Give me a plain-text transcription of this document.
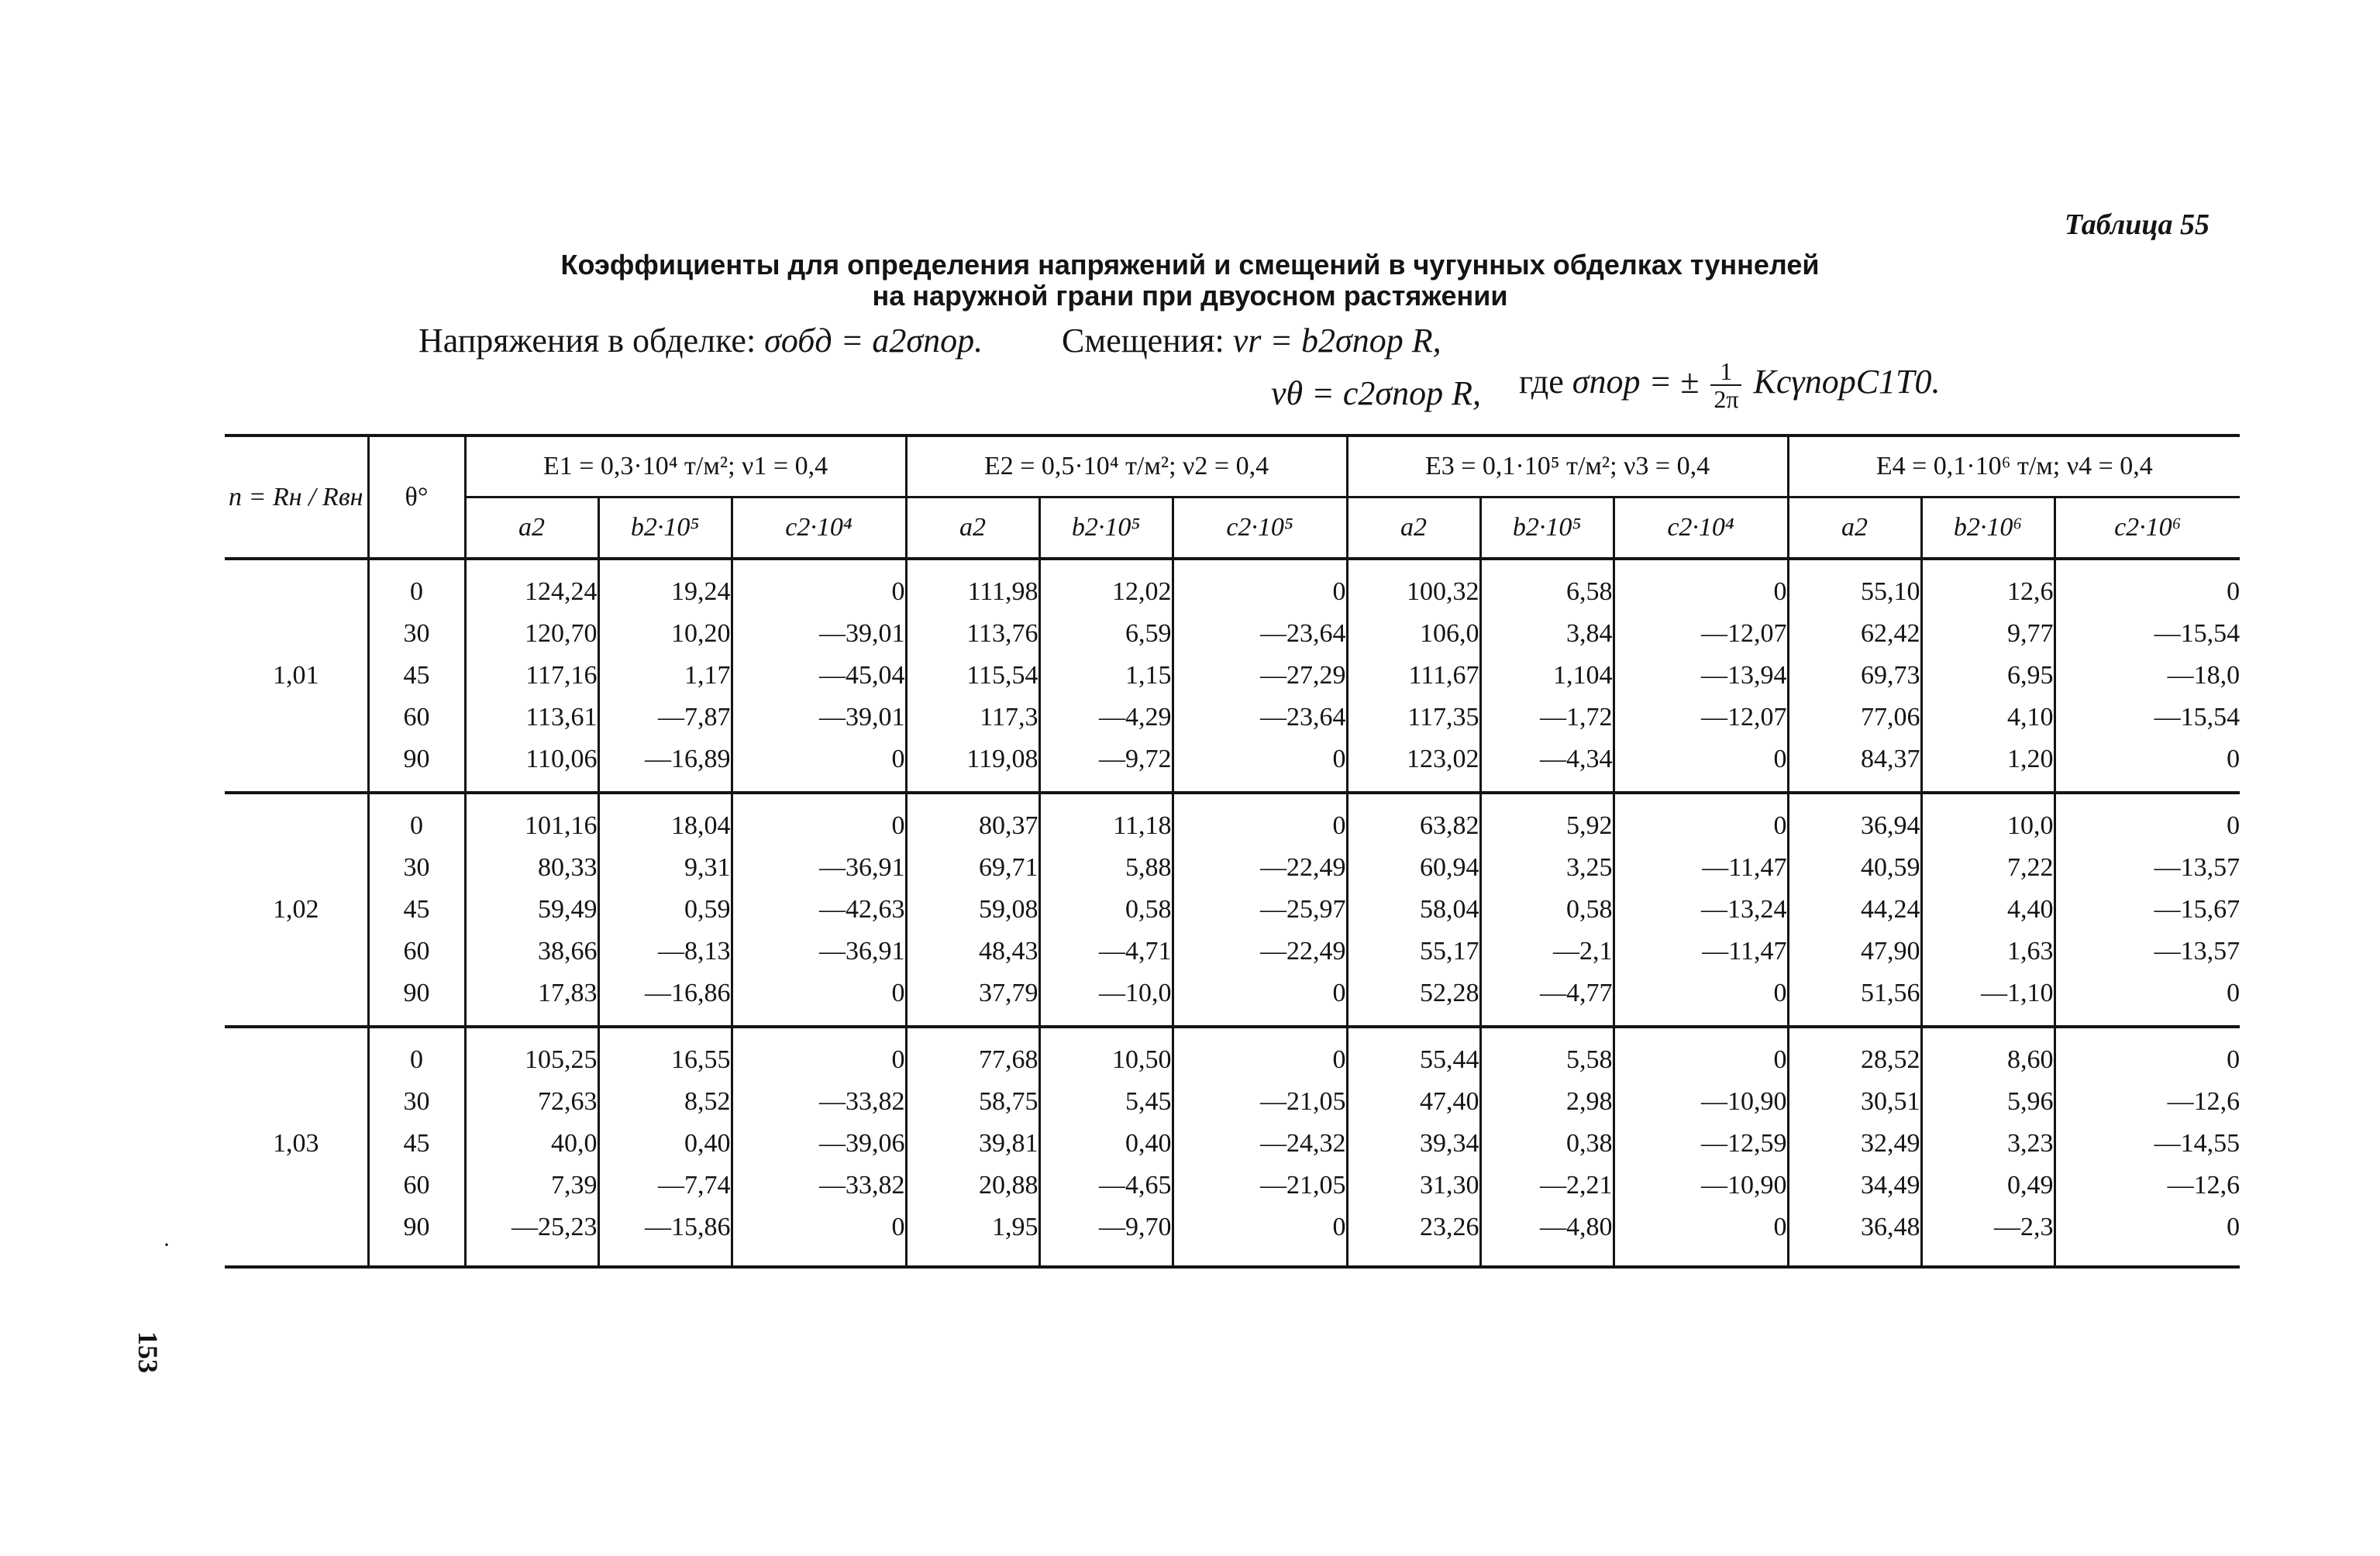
Таблица 55
Коэффициенты для определения напряжений и смещений в чугунных обделках туннелей
на наружной грани при двуосном растяжении
Напряжения в обделке: σобд = a2σпор. Смещения: vr = b2σпор R,
vθ = c2σпор R, где σпор = ± $\frac{1}{2\pi}$ KcγпорC1T0.
n = Rн / Rвн	θ°	E1 = 0,3·10⁴ т/м²; ν1 = 0,4			E2 = 0,5·10⁴ т/м²; ν2 = 0,4			E3 = 0,1·10⁵ т/м²; ν3 = 0,4			E4 = 0,1·10⁶ т/м; ν4 = 0,4		
		a2	b2·10⁵	c2·10⁴	a2	b2·10⁵	c2·10⁵	a2	b2·10⁵	c2·10⁴	a2	b2·10⁶	c2·10⁶

1,01	0	124,24	19,24	0	111,98	12,02	0	100,32	6,58	0	55,10	12,6	0
	30	120,70	10,20	—39,01	113,76	6,59	—23,64	106,0	3,84	—12,07	62,42	9,77	—15,54
	45	117,16	1,17	—45,04	115,54	1,15	—27,29	111,67	1,104	—13,94	69,73	6,95	—18,0
	60	113,61	—7,87	—39,01	117,3	—4,29	—23,64	117,35	—1,72	—12,07	77,06	4,10	—15,54
	90	110,06	—16,89	0	119,08	—9,72	0	123,02	—4,34	0	84,37	1,20	0

1,02	0	101,16	18,04	0	80,37	11,18	0	63,82	5,92	0	36,94	10,0	0
	30	80,33	9,31	—36,91	69,71	5,88	—22,49	60,94	3,25	—11,47	40,59	7,22	—13,57
	45	59,49	0,59	—42,63	59,08	0,58	—25,97	58,04	0,58	—13,24	44,24	4,40	—15,67
	60	38,66	—8,13	—36,91	48,43	—4,71	—22,49	55,17	—2,1	—11,47	47,90	1,63	—13,57
	90	17,83	—16,86	0	37,79	—10,0	0	52,28	—4,77	0	51,56	—1,10	0

1,03	0	105,25	16,55	0	77,68	10,50	0	55,44	5,58	0	28,52	8,60	0
	30	72,63	8,52	—33,82	58,75	5,45	—21,05	47,40	2,98	—10,90	30,51	5,96	—12,6
	45	40,0	0,40	—39,06	39,81	0,40	—24,32	39,34	0,38	—12,59	32,49	3,23	—14,55
	60	7,39	—7,74	—33,82	20,88	—4,65	—21,05	31,30	—2,21	—10,90	34,49	0,49	—12,6
	90	—25,23	—15,86	0	1,95	—9,70	0	23,26	—4,80	0	36,48	—2,3	0

·
153
